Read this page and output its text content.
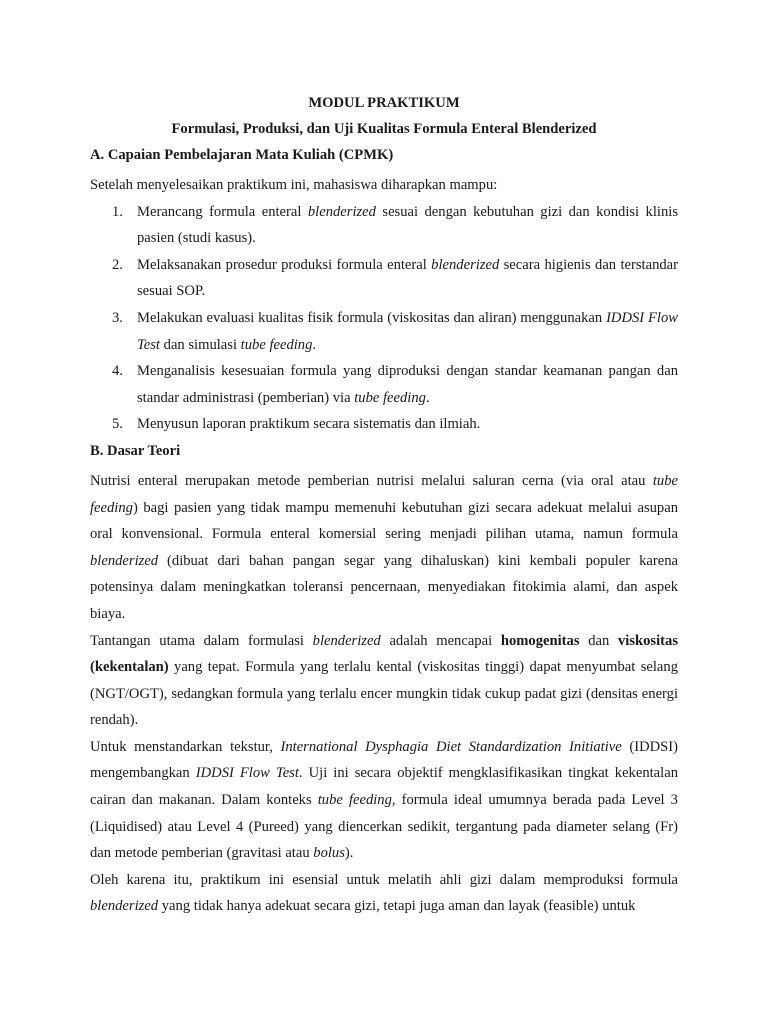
MODUL PRAKTIKUM
Formulasi, Produksi, dan Uji Kualitas Formula Enteral Blenderized
A. Capaian Pembelajaran Mata Kuliah (CPMK)

Setelah menyelesaikan praktikum ini, mahasiswa diharapkan mampu:

1. Merancang formula enteral blenderized sesuai dengan kebutuhan gizi dan kondisi klinis pasien (studi kasus).
2. Melaksanakan prosedur produksi formula enteral blenderized secara higienis dan terstandar sesuai SOP.
3. Melakukan evaluasi kualitas fisik formula (viskositas dan aliran) menggunakan IDDSI Flow Test dan simulasi tube feeding.
4. Menganalisis kesesuaian formula yang diproduksi dengan standar keamanan pangan dan standar administrasi (pemberian) via tube feeding.
5. Menyusun laporan praktikum secara sistematis dan ilmiah.
B. Dasar Teori

Nutrisi enteral merupakan metode pemberian nutrisi melalui saluran cerna (via oral atau tube feeding) bagi pasien yang tidak mampu memenuhi kebutuhan gizi secara adekuat melalui asupan oral konvensional. Formula enteral komersial sering menjadi pilihan utama, namun formula blenderized (dibuat dari bahan pangan segar yang dihaluskan) kini kembali populer karena potensinya dalam meningkatkan toleransi pencernaan, menyediakan fitokimia alami, dan aspek biaya.

Tantangan utama dalam formulasi blenderized adalah mencapai homogenitas dan viskositas (kekentalan) yang tepat. Formula yang terlalu kental (viskositas tinggi) dapat menyumbat selang (NGT/OGT), sedangkan formula yang terlalu encer mungkin tidak cukup padat gizi (densitas energi rendah).

Untuk menstandarkan tekstur, International Dysphagia Diet Standardization Initiative (IDDSI) mengembangkan IDDSI Flow Test. Uji ini secara objektif mengklasifikasikan tingkat kekentalan cairan dan makanan. Dalam konteks tube feeding, formula ideal umumnya berada pada Level 3 (Liquidised) atau Level 4 (Pureed) yang diencerkan sedikit, tergantung pada diameter selang (Fr) dan metode pemberian (gravitasi atau bolus).

Oleh karena itu, praktikum ini esensial untuk melatih ahli gizi dalam memproduksi formula blenderized yang tidak hanya adekuat secara gizi, tetapi juga aman dan layak (feasible) untuk
